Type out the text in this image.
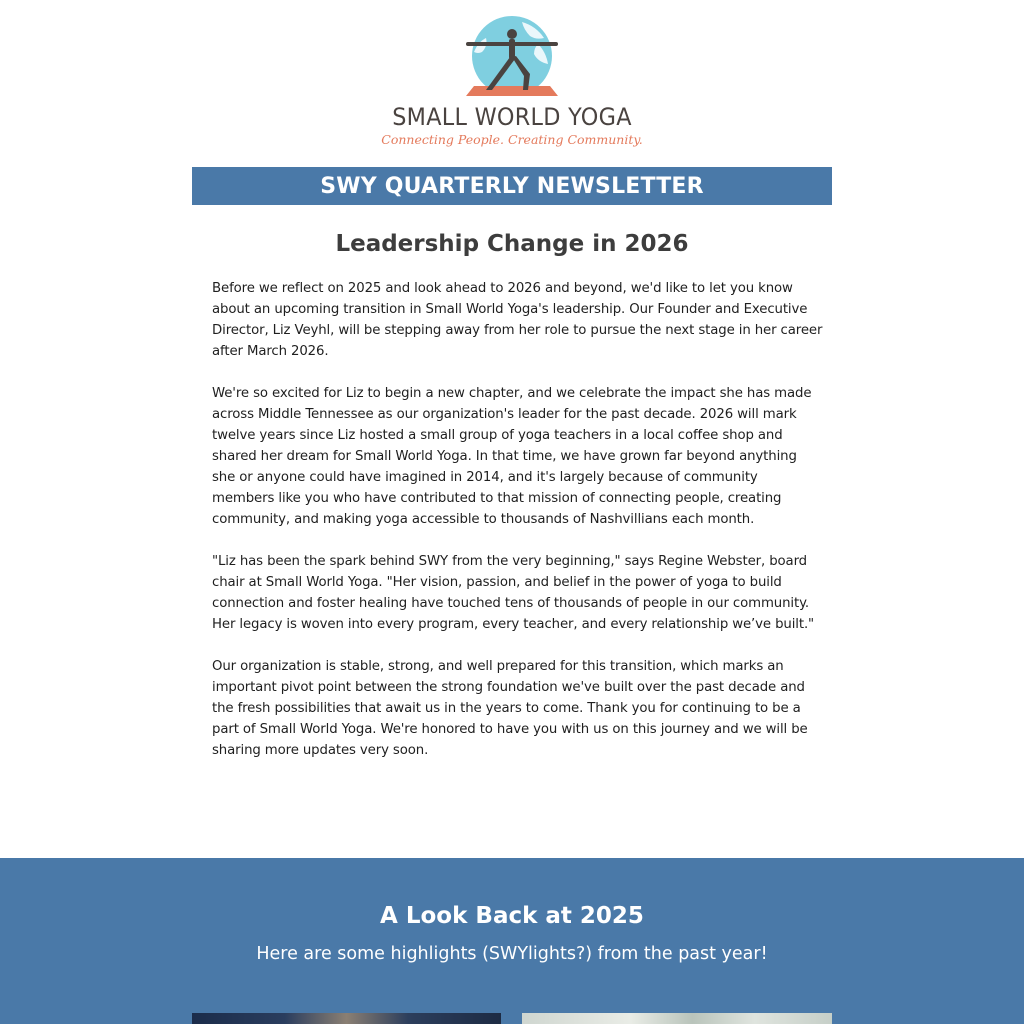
SMALL WORLD YOGA
Connecting People. Creating Community.
SWY QUARTERLY NEWSLETTER
Leadership Change in 2026

Before we reflect on 2025 and look ahead to 2026 and beyond, we'd like to let you know about an upcoming transition in Small World Yoga's leadership. Our Founder and Executive Director, Liz Veyhl, will be stepping away from her role to pursue the next stage in her career after March 2026.

We're so excited for Liz to begin a new chapter, and we celebrate the impact she has made across Middle Tennessee as our organization's leader for the past decade. 2026 will mark twelve years since Liz hosted a small group of yoga teachers in a local coffee shop and shared her dream for Small World Yoga. In that time, we have grown far beyond anything she or anyone could have imagined in 2014, and it's largely because of community members like you who have contributed to that mission of connecting people, creating community, and making yoga accessible to thousands of Nashvillians each month.

"Liz has been the spark behind SWY from the very beginning," says Regine Webster, board chair at Small World Yoga. "Her vision, passion, and belief in the power of yoga to build connection and foster healing have touched tens of thousands of people in our community. Her legacy is woven into every program, every teacher, and every relationship we’ve built."

Our organization is stable, strong, and well prepared for this transition, which marks an important pivot point between the strong foundation we've built over the past decade and the fresh possibilities that await us in the years to come. Thank you for continuing to be a part of Small World Yoga. We're honored to have you with us on this journey and we will be sharing more updates very soon.

A Look Back at 2025
Here are some highlights (SWYlights?) from the past year!
